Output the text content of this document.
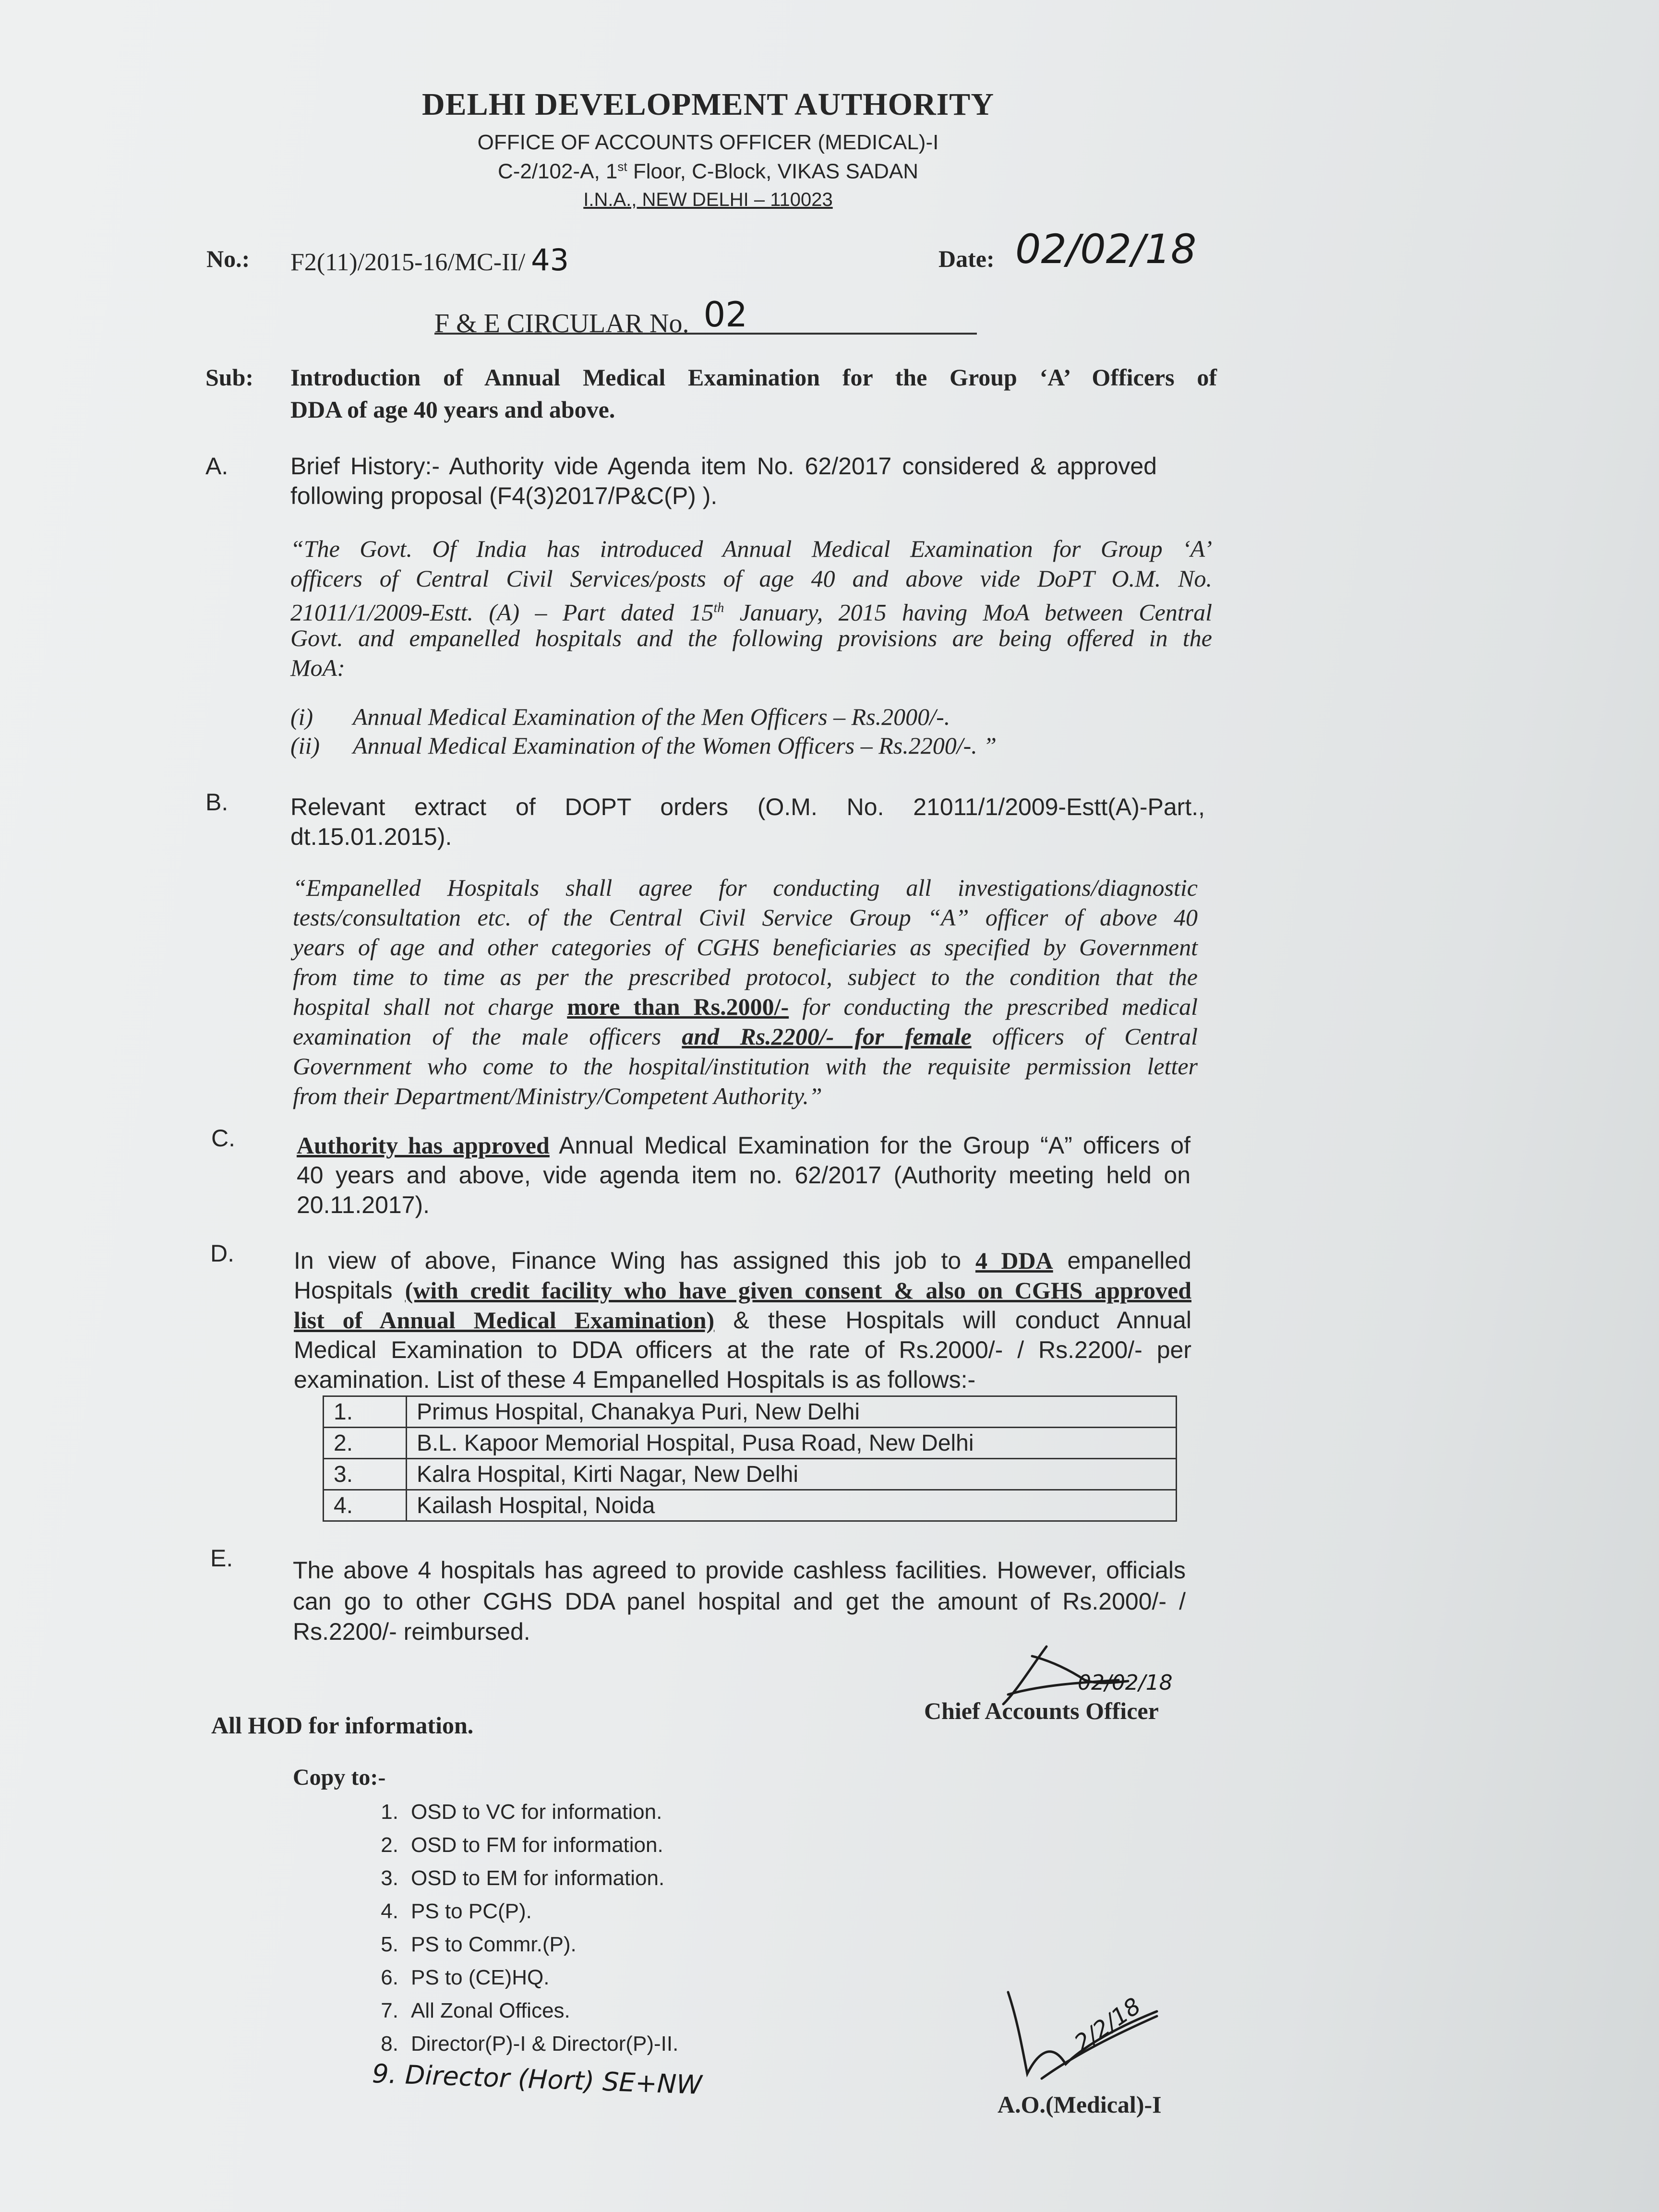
DELHI DEVELOPMENT AUTHORITY
OFFICE OF ACCOUNTS OFFICER (MEDICAL)-I
C-2/102-A, 1st Floor, C-Block, VIKAS SADAN
I.N.A., NEW DELHI – 110023
No.: F2(11)/2015-16/MC-II/ 43	Date: 02/02/18
F & E CIRCULAR No. 02
Sub: Introduction of Annual Medical Examination for the Group ‘A’ Officers of
DDA of age 40 years and above.
A.	Brief History:- Authority vide Agenda item No. 62/2017 considered & approved
following proposal (F4(3)2017/P&C(P) ).
“The Govt. Of India has introduced Annual Medical Examination for Group ‘A’
officers of Central Civil Services/posts of age 40 and above vide DoPT O.M. No.
21011/1/2009-Estt. (A) – Part dated 15th January, 2015 having MoA between Central
Govt. and empanelled hospitals and the following provisions are being offered in the
MoA:
(i) Annual Medical Examination of the Men Officers – Rs.2000/-.
(ii) Annual Medical Examination of the Women Officers – Rs.2200/-. ”
B.	Relevant extract of DOPT orders (O.M. No. 21011/1/2009-Estt(A)-Part.,
dt.15.01.2015).
“Empanelled Hospitals shall agree for conducting all investigations/diagnostic
tests/consultation etc. of the Central Civil Service Group “A” officer of above 40
years of age and other categories of CGHS beneficiaries as specified by Government
from time to time as per the prescribed protocol, subject to the condition that the
hospital shall not charge more than Rs.2000/- for conducting the prescribed medical
examination of the male officers and Rs.2200/- for female officers of Central
Government who come to the hospital/institution with the requisite permission letter
from their Department/Ministry/Competent Authority.”
C.	Authority has approved Annual Medical Examination for the Group “A” officers of
40 years and above, vide agenda item no. 62/2017 (Authority meeting held on
20.11.2017).
D. In view of above, Finance Wing has assigned this job to 4 DDA empanelled
Hospitals (with credit facility who have given consent & also on CGHS approved
list of Annual Medical Examination) & these Hospitals will conduct Annual
Medical Examination to DDA officers at the rate of Rs.2000/- / Rs.2200/- per
examination. List of these 4 Empanelled Hospitals is as follows:-
1.	Primus Hospital, Chanakya Puri, New Delhi
2.	B.L. Kapoor Memorial Hospital, Pusa Road, New Delhi
3.	Kalra Hospital, Kirti Nagar, New Delhi
4.	Kailash Hospital, Noida
E. The above 4 hospitals has agreed to provide cashless facilities. However, officials
can go to other CGHS DDA panel hospital and get the amount of Rs.2000/- /
Rs.2200/- reimbursed.
02/02/18
Chief Accounts Officer
All HOD for information.
Copy to:-
1. OSD to VC for information.
2. OSD to FM for information.
3. OSD to EM for information.
4. PS to PC(P).
5. PS to Commr.(P).
6. PS to (CE)HQ.
7. All Zonal Offices.
8. Director(P)-I & Director(P)-II.
9. Director (Hort) SE+NW
2/2/18
A.O.(Medical)-I
